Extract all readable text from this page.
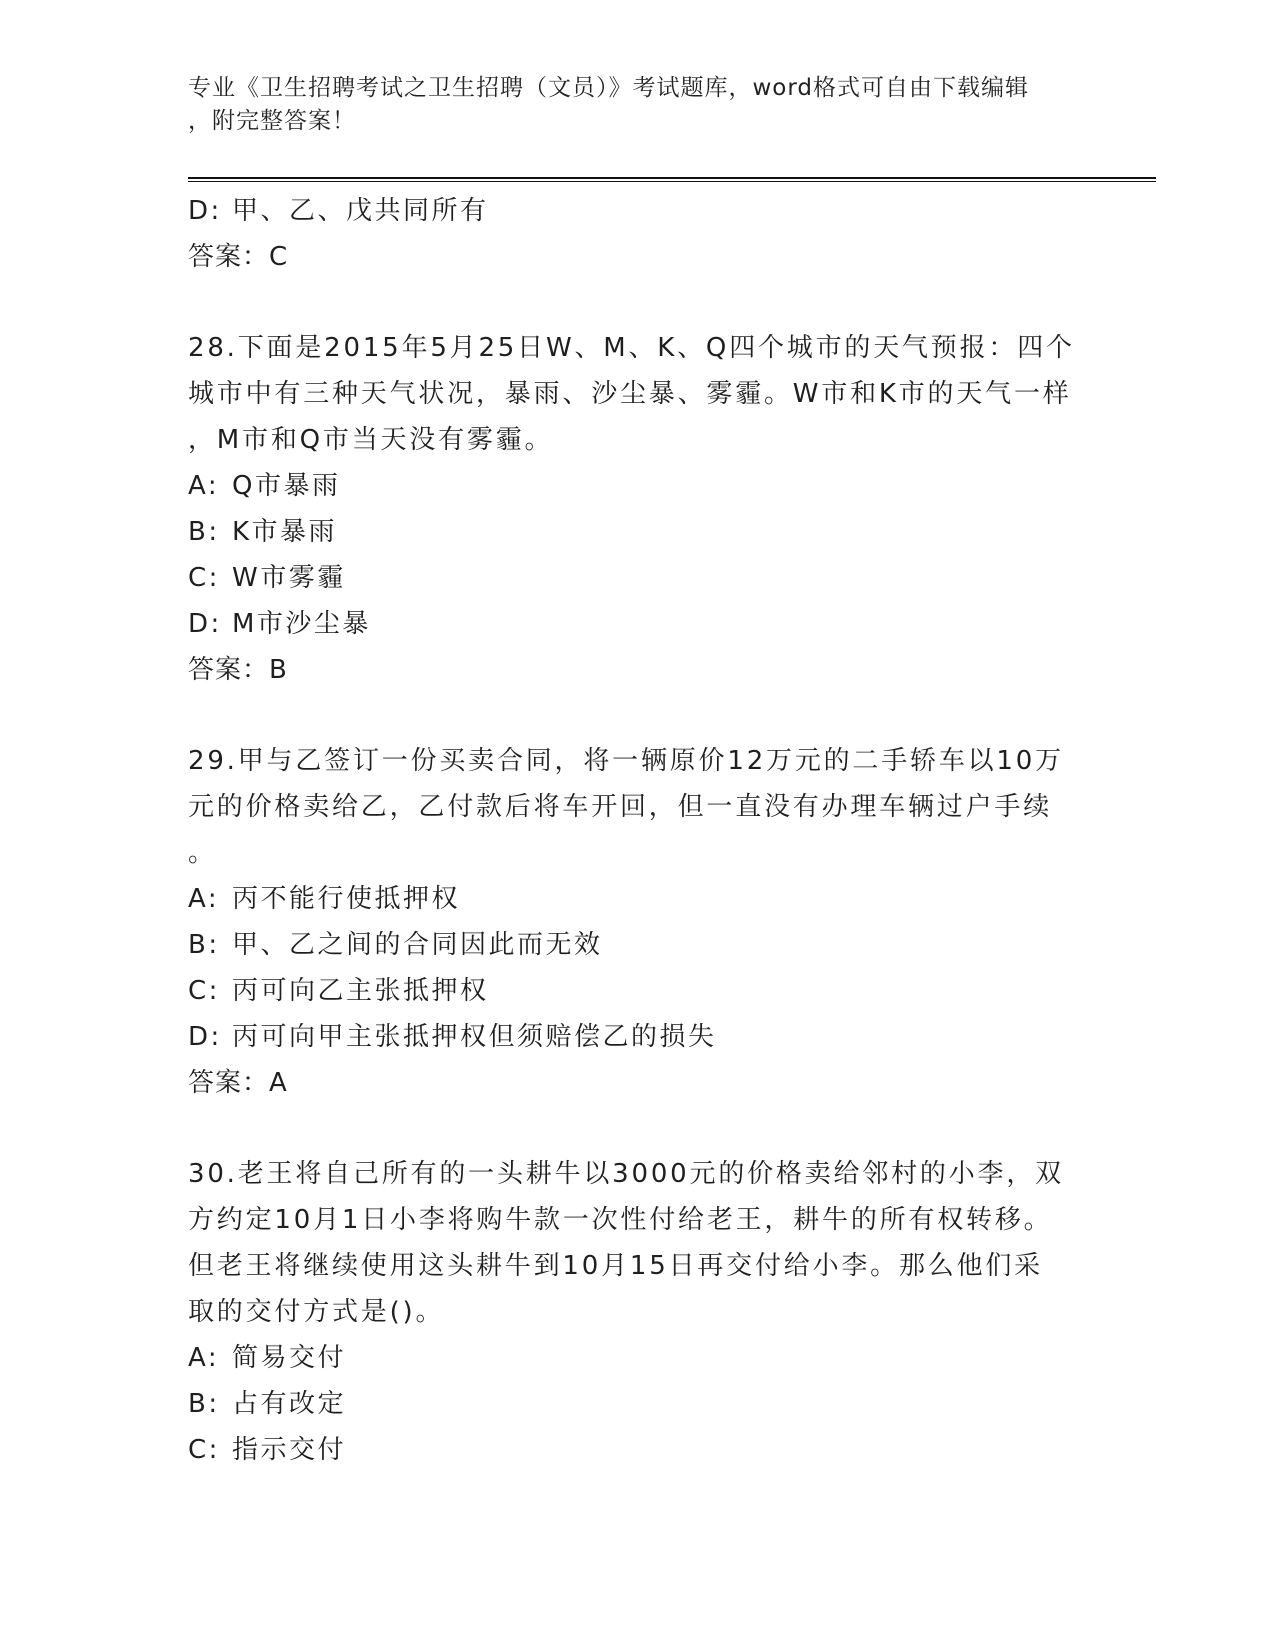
专业《卫生招聘考试之卫生招聘（文员）》考试题库，word格式可自由下载编辑
，附完整答案！
D: 甲、乙、戊共同所有
答案：C
28.下面是2015年5月25日W、M、K、Q四个城市的天气预报：四个
城市中有三种天气状况，暴雨、沙尘暴、雾霾。W市和K市的天气一样
，M市和Q市当天没有雾霾。
A: Q市暴雨
B: K市暴雨
C: W市雾霾
D: M市沙尘暴
答案：B
29.甲与乙签订一份买卖合同，将一辆原价12万元的二手轿车以10万
元的价格卖给乙，乙付款后将车开回，但一直没有办理车辆过户手续
。
A: 丙不能行使抵押权
B: 甲、乙之间的合同因此而无效
C: 丙可向乙主张抵押权
D: 丙可向甲主张抵押权但须赔偿乙的损失
答案：A
30.老王将自己所有的一头耕牛以3000元的价格卖给邻村的小李，双
方约定10月1日小李将购牛款一次性付给老王，耕牛的所有权转移。
但老王将继续使用这头耕牛到10月15日再交付给小李。那么他们采
取的交付方式是()。
A: 简易交付
B: 占有改定
C: 指示交付
